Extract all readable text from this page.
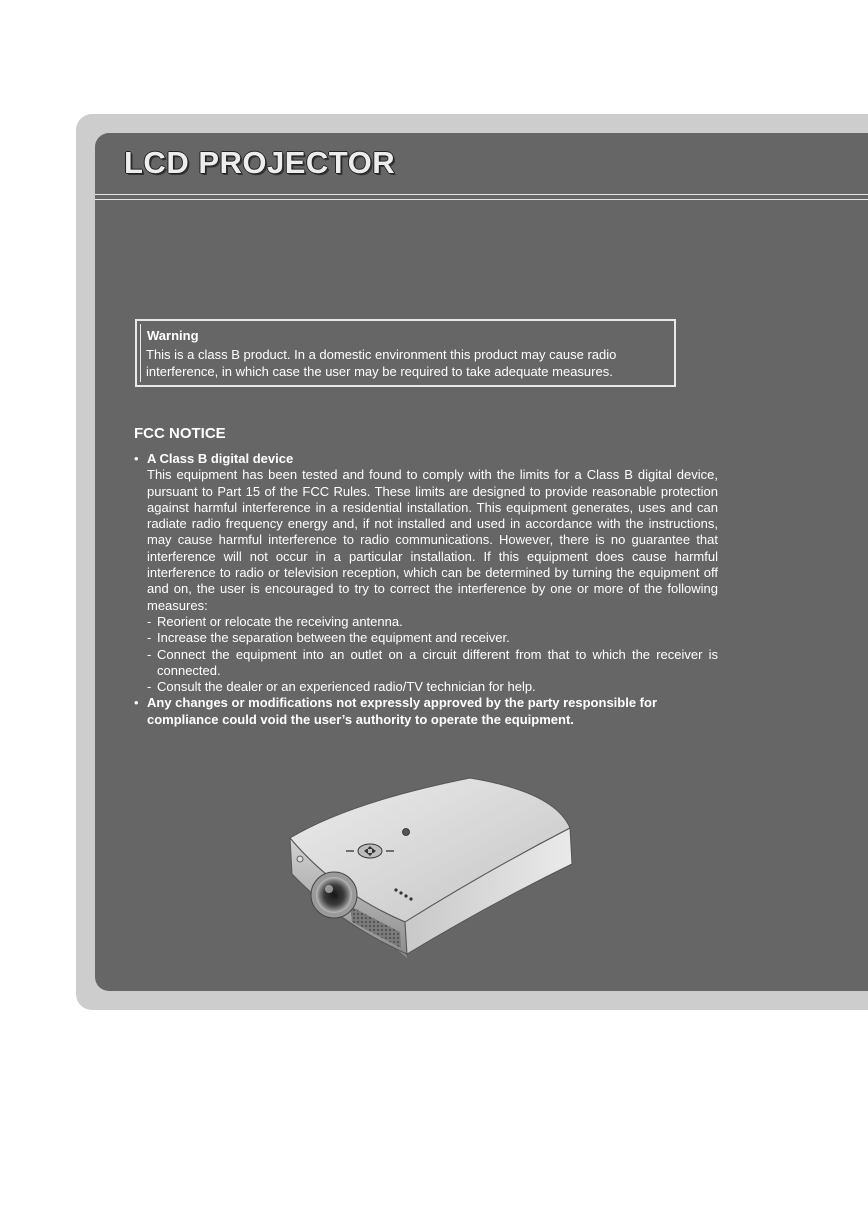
LCD PROJECTOR
Warning
This is a class B product. In a domestic environment this product may cause radio interference, in which case the user may be required to take adequate measures.
FCC NOTICE
• A Class B digital device
This equipment has been tested and found to comply with the limits for a Class B digital device, pursuant to Part 15 of the FCC Rules. These limits are designed to provide reasonable protection against harmful interference in a residential installation. This equipment generates, uses and can radiate radio frequency energy and, if not installed and used in accordance with the instructions, may cause harmful interference to radio communications. However, there is no guarantee that interference will not occur in a particular installation. If this equipment does cause harmful interference to radio or television reception, which can be determined by turning the equipment off and on, the user is encouraged to try to correct the interference by one or more of the following measures:
- Reorient or relocate the receiving antenna.
- Increase the separation between the equipment and receiver.
- Connect the equipment into an outlet on a circuit different from that to which the receiver is connected.
- Consult the dealer or an experienced radio/TV technician for help.
• Any changes or modifications not expressly approved by the party responsible for compliance could void the user’s authority to operate the equipment.
